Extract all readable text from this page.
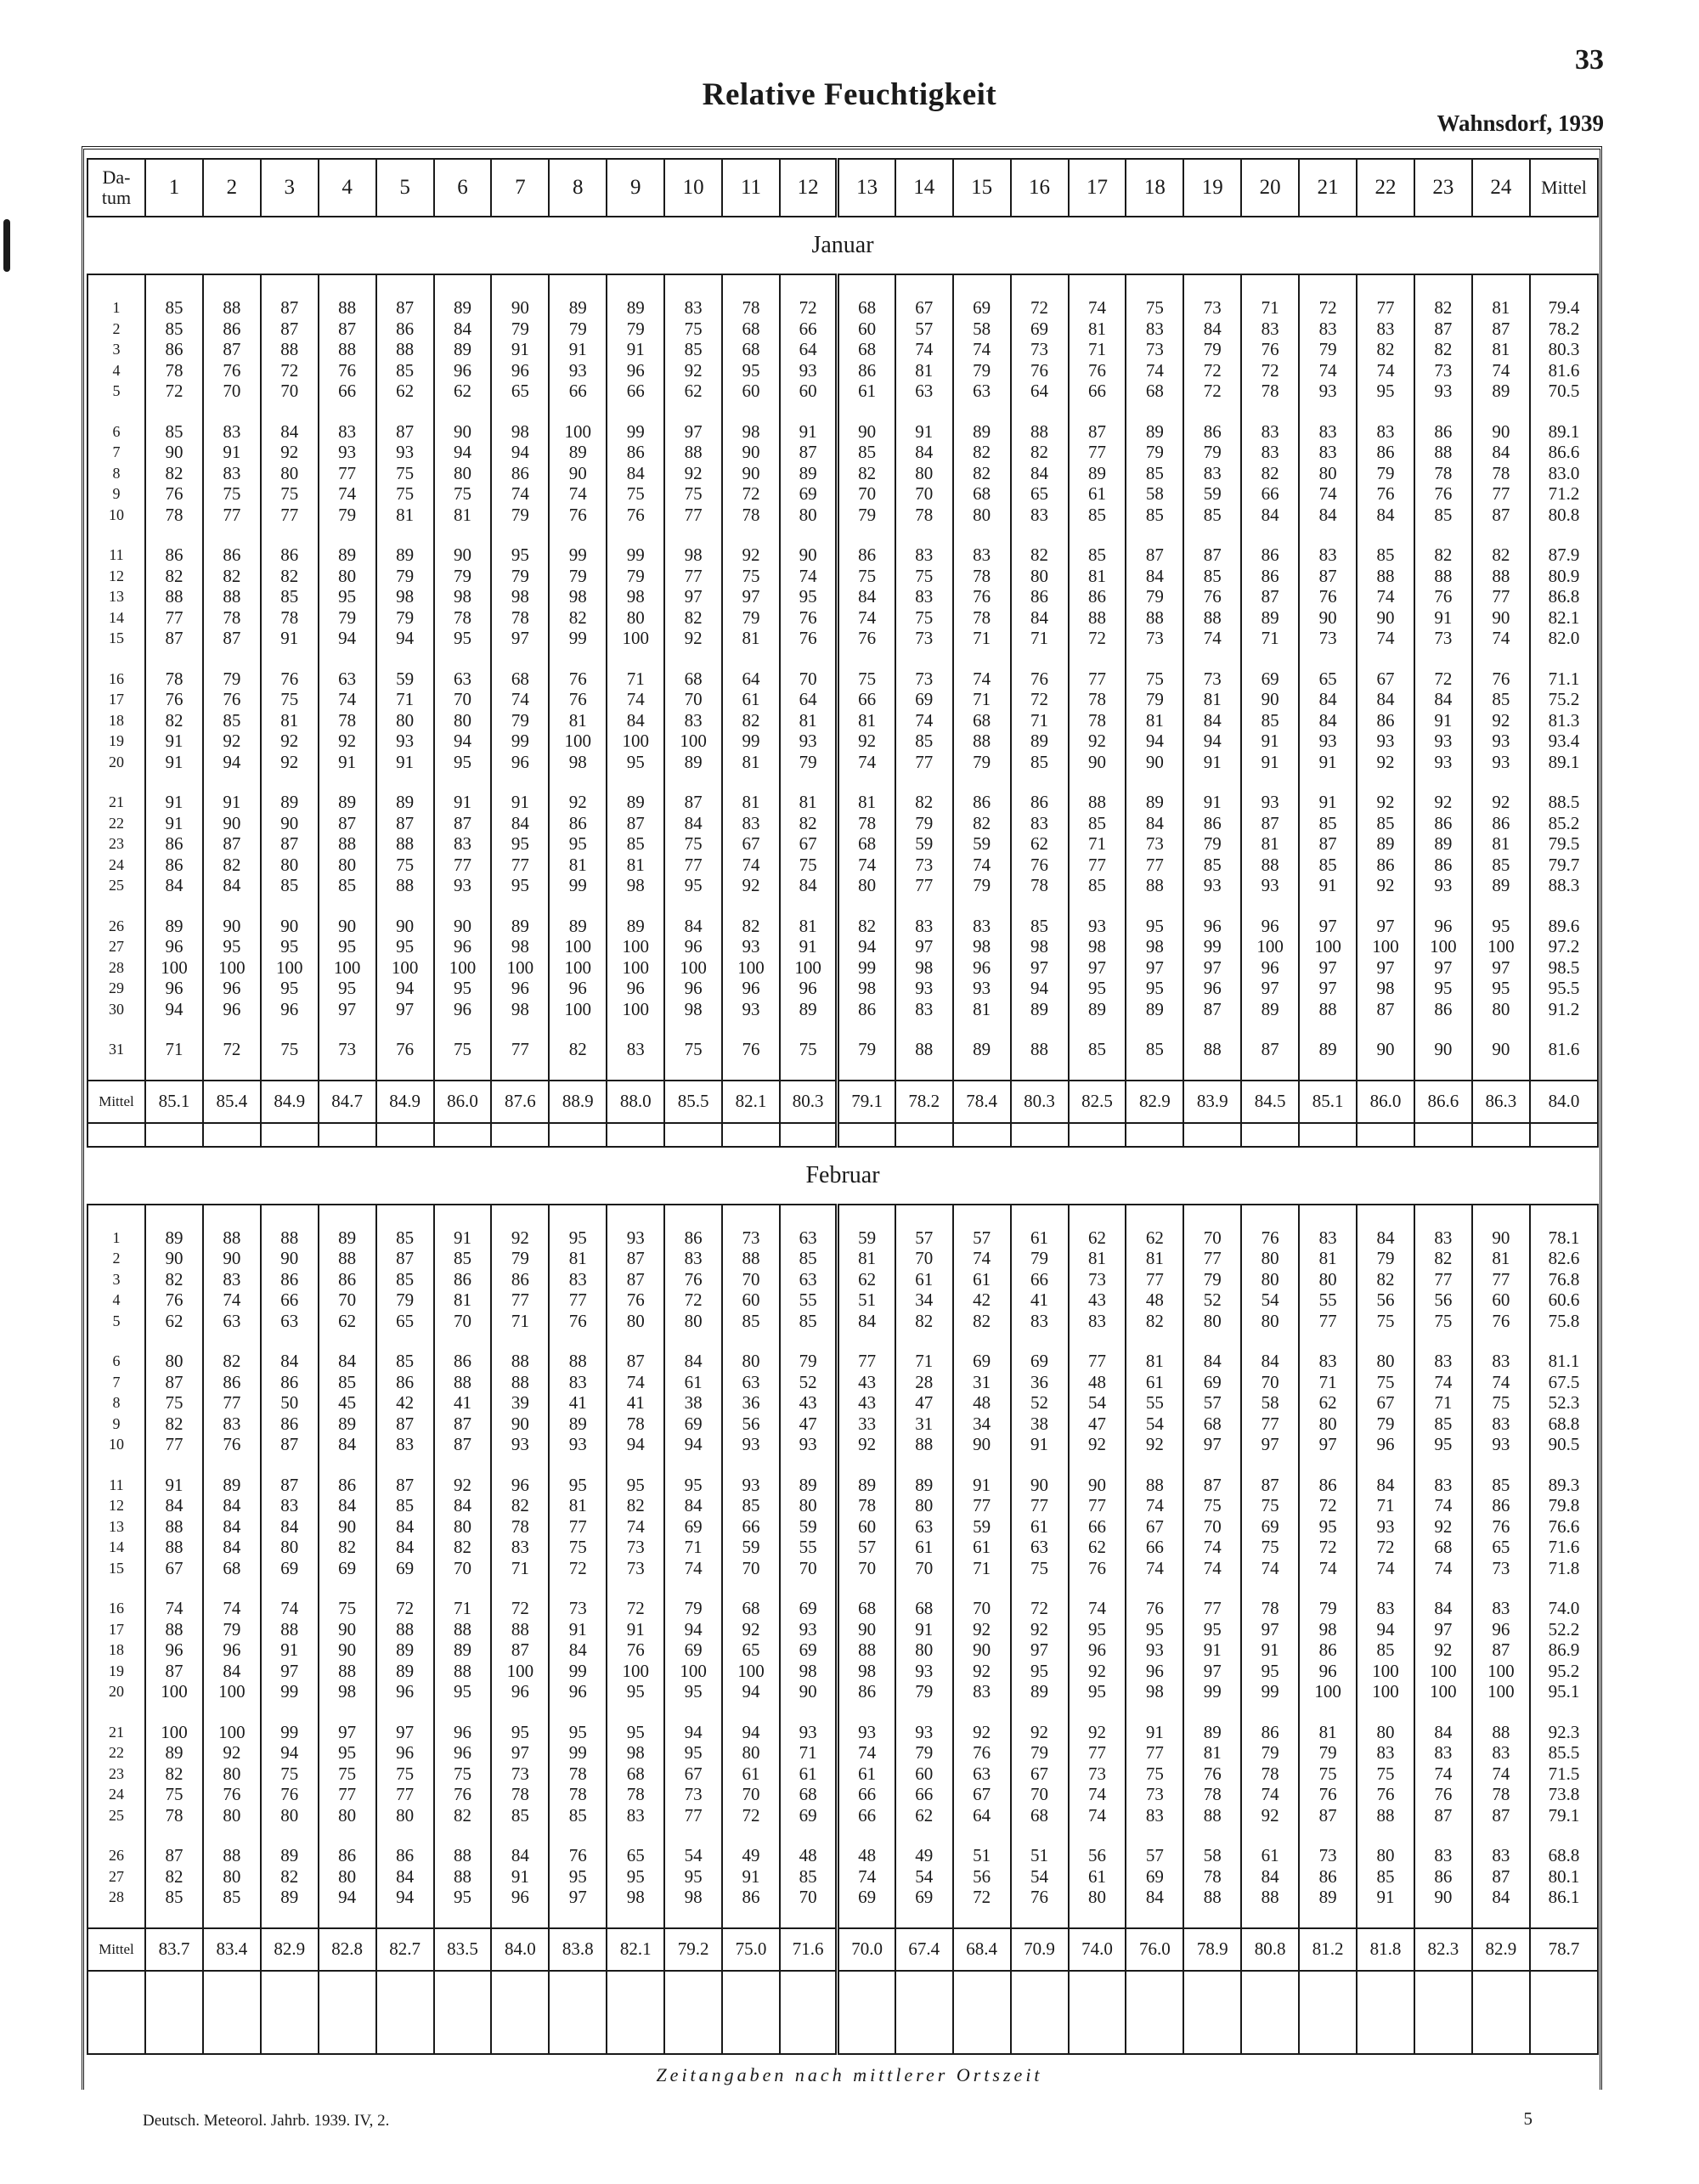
33
Relative Feuchtigkeit
Wahnsdorf, 1939
Da-
tum	1	2	3	4	5	6	7	8	9	10	11	12	13	14	15	16	17	18	19	20	21	22	23	24	Mittel
Januar																									

1	85	88	87	88	87	89	90	89	89	83	78	72	68	67	69	72	74	75	73	71	72	77	82	81	79.4
2	85	86	87	87	86	84	79	79	79	75	68	66	60	57	58	69	81	83	84	83	83	83	87	87	78.2
3	86	87	88	88	88	89	91	91	91	85	68	64	68	74	74	73	71	73	79	76	79	82	82	81	80.3
4	78	76	72	76	85	96	96	93	96	92	95	93	86	81	79	76	76	74	72	72	74	74	73	74	81.6
5	72	70	70	66	62	62	65	66	66	62	60	60	61	63	63	64	66	68	72	78	93	95	93	89	70.5

6	85	83	84	83	87	90	98	100	99	97	98	91	90	91	89	88	87	89	86	83	83	83	86	90	89.1
7	90	91	92	93	93	94	94	89	86	88	90	87	85	84	82	82	77	79	79	83	83	86	88	84	86.6
8	82	83	80	77	75	80	86	90	84	92	90	89	82	80	82	84	89	85	83	82	80	79	78	78	83.0
9	76	75	75	74	75	75	74	74	75	75	72	69	70	70	68	65	61	58	59	66	74	76	76	77	71.2
10	78	77	77	79	81	81	79	76	76	77	78	80	79	78	80	83	85	85	85	84	84	84	85	87	80.8

11	86	86	86	89	89	90	95	99	99	98	92	90	86	83	83	82	85	87	87	86	83	85	82	82	87.9
12	82	82	82	80	79	79	79	79	79	77	75	74	75	75	78	80	81	84	85	86	87	88	88	88	80.9
13	88	88	85	95	98	98	98	98	98	97	97	95	84	83	76	86	86	79	76	87	76	74	76	77	86.8
14	77	78	78	79	79	78	78	82	80	82	79	76	74	75	78	84	88	88	88	89	90	90	91	90	82.1
15	87	87	91	94	94	95	97	99	100	92	81	76	76	73	71	71	72	73	74	71	73	74	73	74	82.0

16	78	79	76	63	59	63	68	76	71	68	64	70	75	73	74	76	77	75	73	69	65	67	72	76	71.1
17	76	76	75	74	71	70	74	76	74	70	61	64	66	69	71	72	78	79	81	90	84	84	84	85	75.2
18	82	85	81	78	80	80	79	81	84	83	82	81	81	74	68	71	78	81	84	85	84	86	91	92	81.3
19	91	92	92	92	93	94	99	100	100	100	99	93	92	85	88	89	92	94	94	91	93	93	93	93	93.4
20	91	94	92	91	91	95	96	98	95	89	81	79	74	77	79	85	90	90	91	91	91	92	93	93	89.1

21	91	91	89	89	89	91	91	92	89	87	81	81	81	82	86	86	88	89	91	93	91	92	92	92	88.5
22	91	90	90	87	87	87	84	86	87	84	83	82	78	79	82	83	85	84	86	87	85	85	86	86	85.2
23	86	87	87	88	88	83	95	95	85	75	67	67	68	59	59	62	71	73	79	81	87	89	89	81	79.5
24	86	82	80	80	75	77	77	81	81	77	74	75	74	73	74	76	77	77	85	88	85	86	86	85	79.7
25	84	84	85	85	88	93	95	99	98	95	92	84	80	77	79	78	85	88	93	93	91	92	93	89	88.3

26	89	90	90	90	90	90	89	89	89	84	82	81	82	83	83	85	93	95	96	96	97	97	96	95	89.6
27	96	95	95	95	95	96	98	100	100	96	93	91	94	97	98	98	98	98	99	100	100	100	100	100	97.2
28	100	100	100	100	100	100	100	100	100	100	100	100	99	98	96	97	97	97	97	96	97	97	97	97	98.5
29	96	96	95	95	94	95	96	96	96	96	96	96	98	93	93	94	95	95	96	97	97	98	95	95	95.5
30	94	96	96	97	97	96	98	100	100	98	93	89	86	83	81	89	89	89	87	89	88	87	86	80	91.2

31	71	72	75	73	76	75	77	82	83	75	76	75	79	88	89	88	85	85	88	87	89	90	90	90	81.6

Mittel	85.1	85.4	84.9	84.7	84.9	86.0	87.6	88.9	88.0	85.5	82.1	80.3	79.1	78.2	78.4	80.3	82.5	82.9	83.9	84.5	85.1	86.0	86.6	86.3	84.0

Februar																									

1	89	88	88	89	85	91	92	95	93	86	73	63	59	57	57	61	62	62	70	76	83	84	83	90	78.1
2	90	90	90	88	87	85	79	81	87	83	88	85	81	70	74	79	81	81	77	80	81	79	82	81	82.6
3	82	83	86	86	85	86	86	83	87	76	70	63	62	61	61	66	73	77	79	80	80	82	77	77	76.8
4	76	74	66	70	79	81	77	77	76	72	60	55	51	34	42	41	43	48	52	54	55	56	56	60	60.6
5	62	63	63	62	65	70	71	76	80	80	85	85	84	82	82	83	83	82	80	80	77	75	75	76	75.8

6	80	82	84	84	85	86	88	88	87	84	80	79	77	71	69	69	77	81	84	84	83	80	83	83	81.1
7	87	86	86	85	86	88	88	83	74	61	63	52	43	28	31	36	48	61	69	70	71	75	74	74	67.5
8	75	77	50	45	42	41	39	41	41	38	36	43	43	47	48	52	54	55	57	58	62	67	71	75	52.3
9	82	83	86	89	87	87	90	89	78	69	56	47	33	31	34	38	47	54	68	77	80	79	85	83	68.8
10	77	76	87	84	83	87	93	93	94	94	93	93	92	88	90	91	92	92	97	97	97	96	95	93	90.5

11	91	89	87	86	87	92	96	95	95	95	93	89	89	89	91	90	90	88	87	87	86	84	83	85	89.3
12	84	84	83	84	85	84	82	81	82	84	85	80	78	80	77	77	77	74	75	75	72	71	74	86	79.8
13	88	84	84	90	84	80	78	77	74	69	66	59	60	63	59	61	66	67	70	69	95	93	92	76	76.6
14	88	84	80	82	84	82	83	75	73	71	59	55	57	61	61	63	62	66	74	75	72	72	68	65	71.6
15	67	68	69	69	69	70	71	72	73	74	70	70	70	70	71	75	76	74	74	74	74	74	74	73	71.8

16	74	74	74	75	72	71	72	73	72	79	68	69	68	68	70	72	74	76	77	78	79	83	84	83	74.0
17	88	79	88	90	88	88	88	91	91	94	92	93	90	91	92	92	95	95	95	97	98	94	97	96	52.2
18	96	96	91	90	89	89	87	84	76	69	65	69	88	80	90	97	96	93	91	91	86	85	92	87	86.9
19	87	84	97	88	89	88	100	99	100	100	100	98	98	93	92	95	92	96	97	95	96	100	100	100	95.2
20	100	100	99	98	96	95	96	96	95	95	94	90	86	79	83	89	95	98	99	99	100	100	100	100	95.1

21	100	100	99	97	97	96	95	95	95	94	94	93	93	93	92	92	92	91	89	86	81	80	84	88	92.3
22	89	92	94	95	96	96	97	99	98	95	80	71	74	79	76	79	77	77	81	79	79	83	83	83	85.5
23	82	80	75	75	75	75	73	78	68	67	61	61	61	60	63	67	73	75	76	78	75	75	74	74	71.5
24	75	76	76	77	77	76	78	78	78	73	70	68	66	66	67	70	74	73	78	74	76	76	76	78	73.8
25	78	80	80	80	80	82	85	85	83	77	72	69	66	62	64	68	74	83	88	92	87	88	87	87	79.1

26	87	88	89	86	86	88	84	76	65	54	49	48	48	49	51	51	56	57	58	61	73	80	83	83	68.8
27	82	80	82	80	84	88	91	95	95	95	91	85	74	54	56	54	61	69	78	84	86	85	86	87	80.1
28	85	85	89	94	94	95	96	97	98	98	86	70	69	69	72	76	80	84	88	88	89	91	90	84	86.1

Mittel	83.7	83.4	82.9	82.8	82.7	83.5	84.0	83.8	82.1	79.2	75.0	71.6	70.0	67.4	68.4	70.9	74.0	76.0	78.9	80.8	81.2	81.8	82.3	82.9	78.7

Zeitangaben nach mittlerer Ortszeit
Deutsch. Meteorol. Jahrb. 1939. IV, 2.	5
